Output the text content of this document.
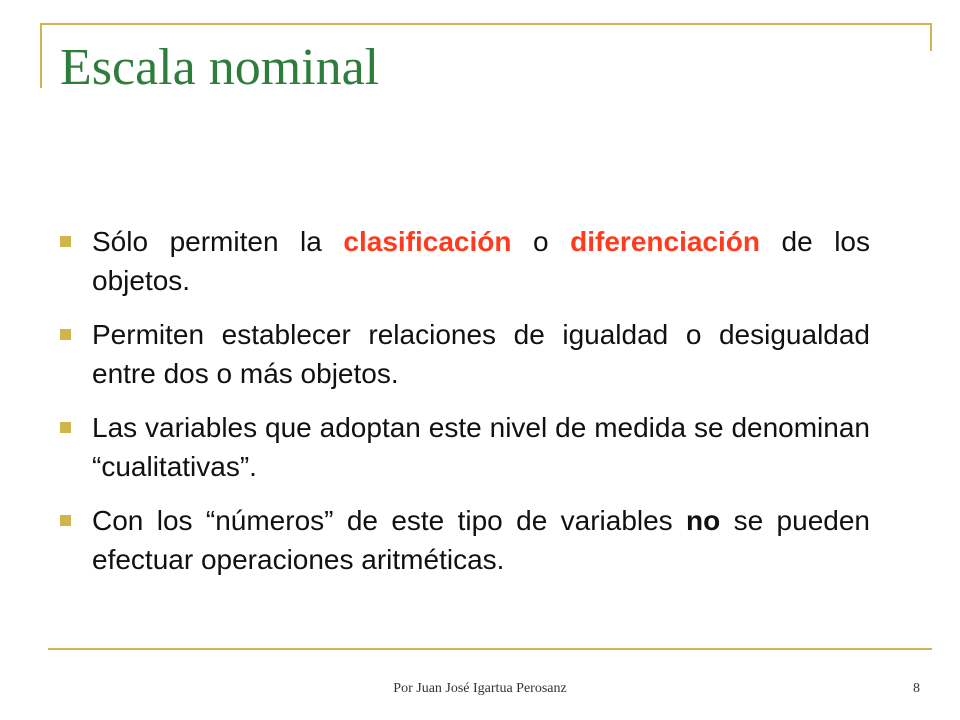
Escala nominal
Sólo permiten la clasificación o diferenciación de los objetos.
Permiten establecer relaciones de igualdad o desigualdad entre dos o más objetos.
Las variables que adoptan este nivel de medida se denominan “cualitativas”.
Con los “números” de este tipo de variables no se pueden efectuar operaciones aritméticas.
Por Juan José Igartua Perosanz	8
